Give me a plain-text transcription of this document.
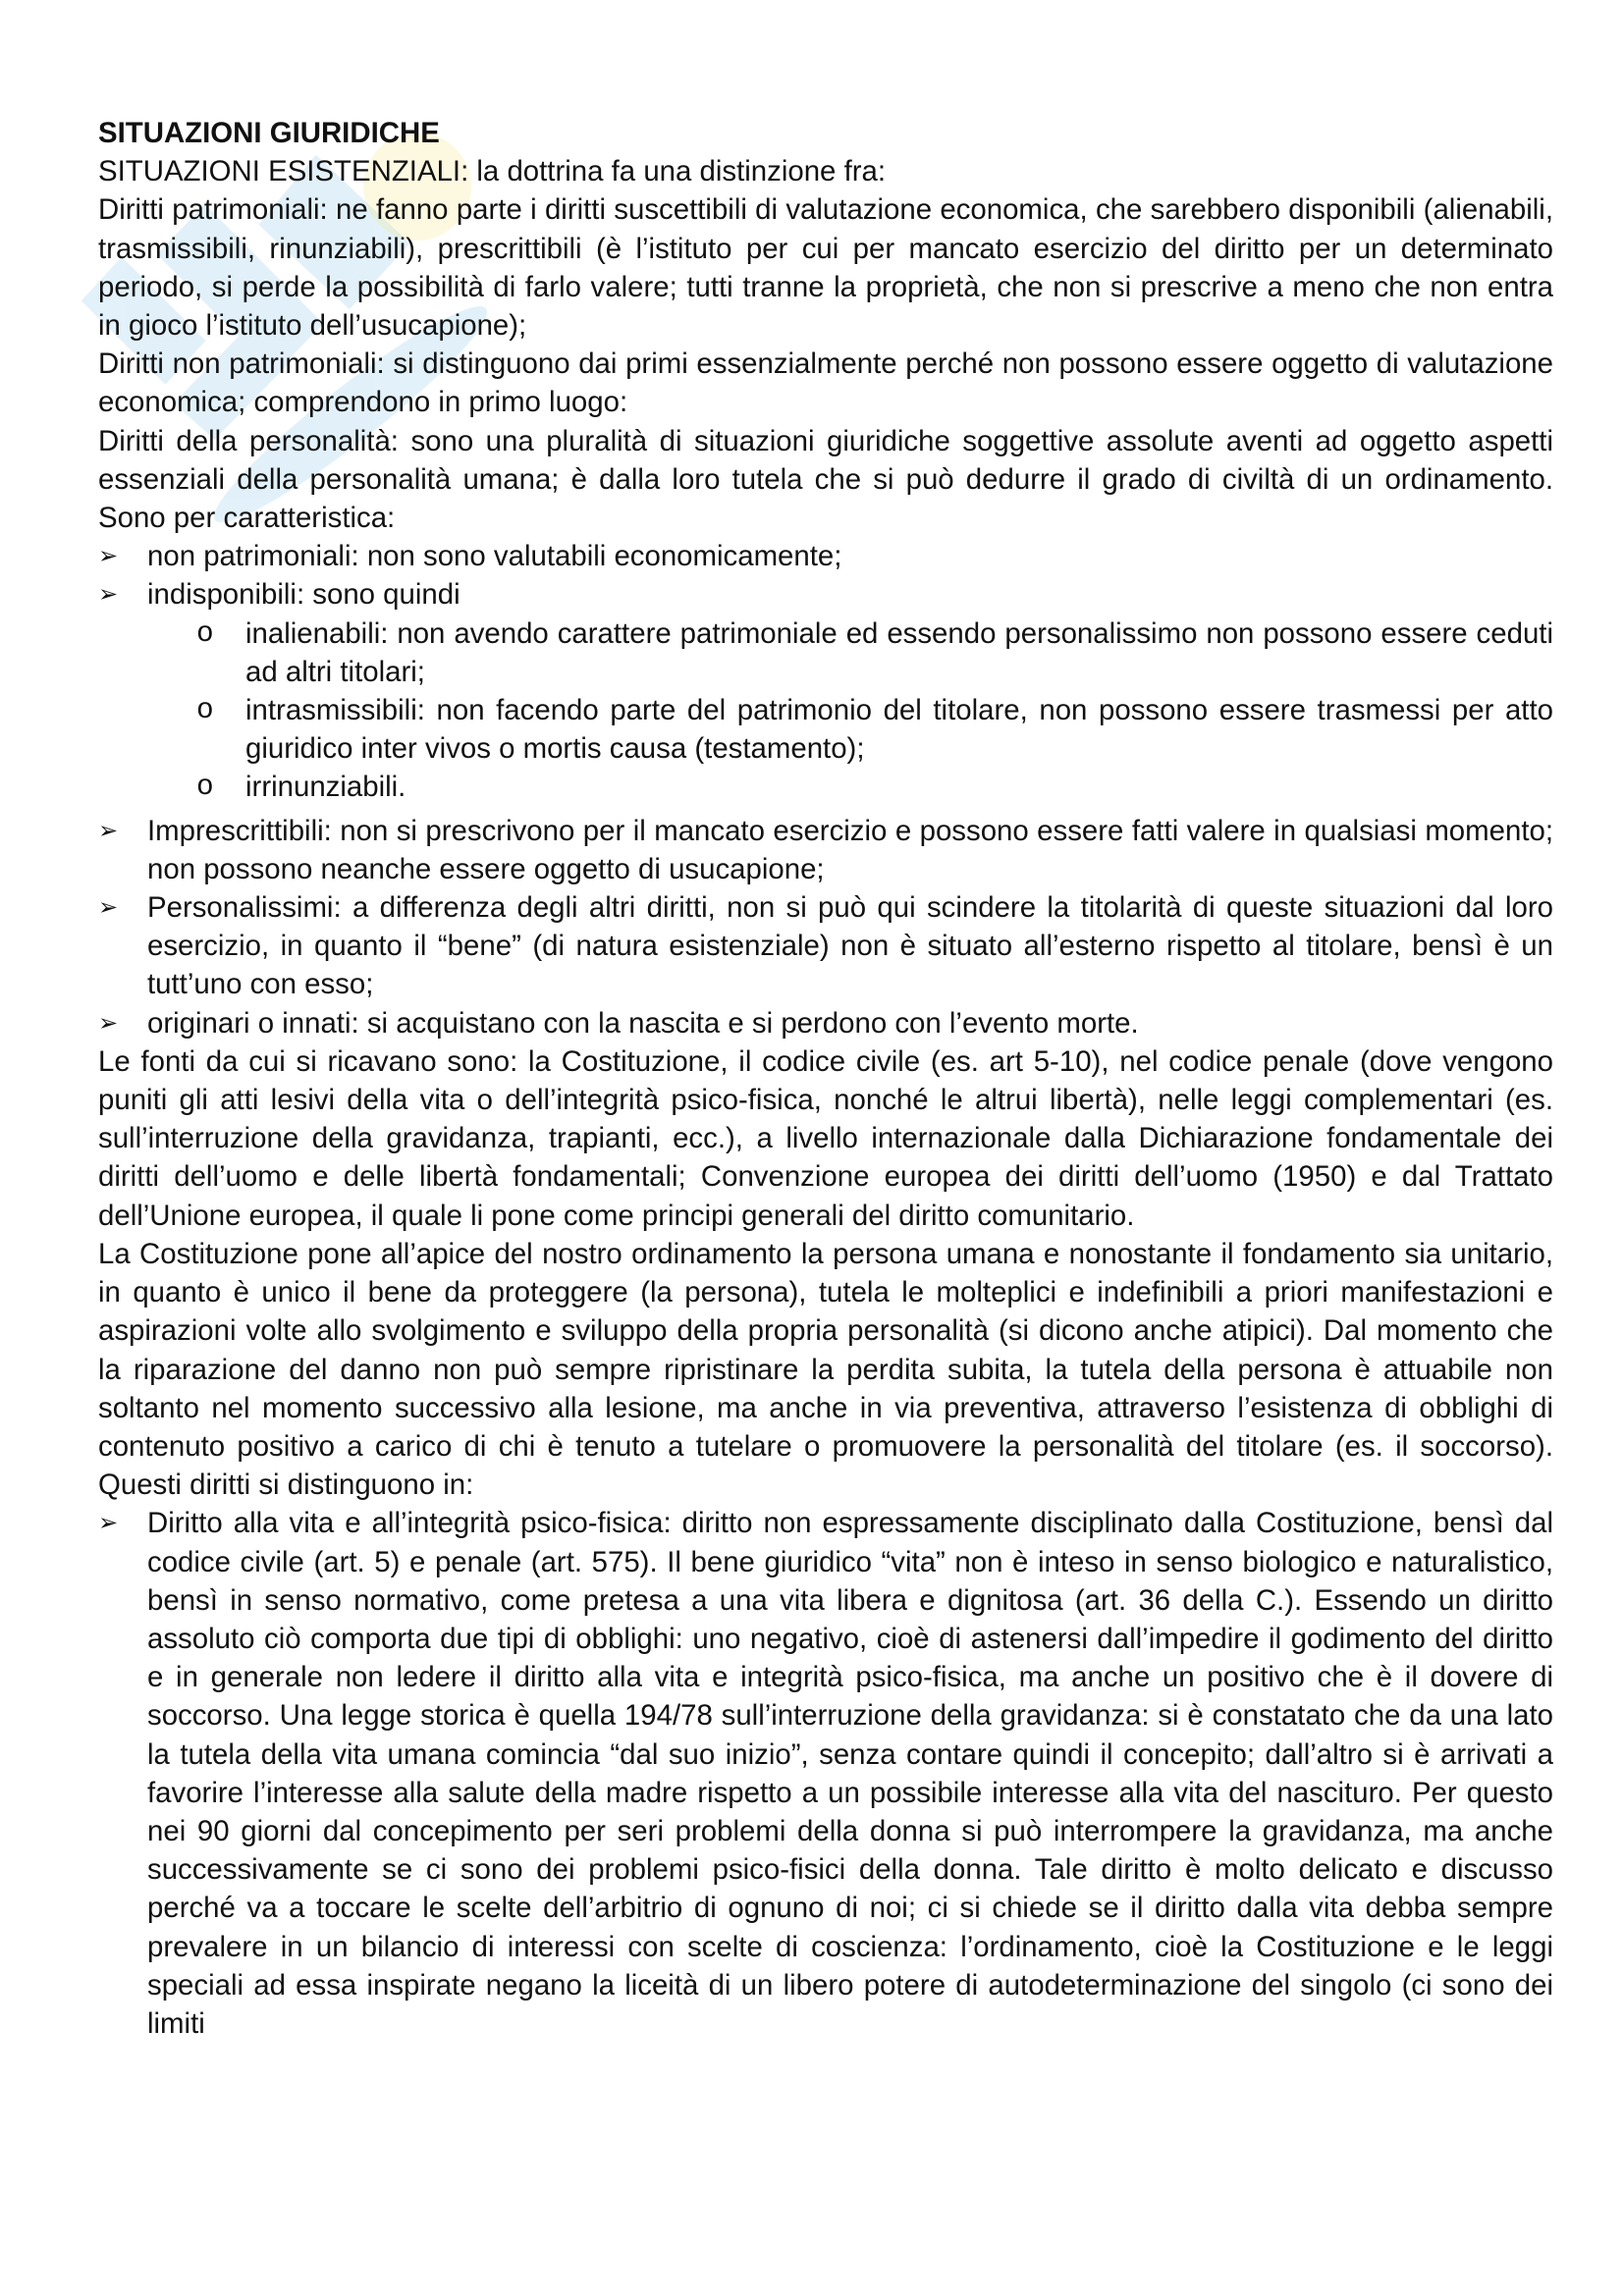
SITUAZIONI GIURIDICHE

SITUAZIONI ESISTENZIALI: la dottrina fa una distinzione fra:

Diritti patrimoniali: ne fanno parte i diritti suscettibili di valutazione economica, che sarebbero disponibili (alienabili, trasmissibili, rinunziabili), prescrittibili (è l’istituto per cui per mancato esercizio del diritto per un determinato periodo, si perde la possibilità di farlo valere; tutti tranne la proprietà, che non si prescrive a meno che non entra in gioco l’istituto dell’usucapione);

Diritti non patrimoniali: si distinguono dai primi essenzialmente perché non possono essere oggetto di valutazione economica; comprendono in primo luogo:

Diritti della personalità: sono una pluralità di situazioni giuridiche soggettive assolute aventi ad oggetto aspetti essenziali della personalità umana; è dalla loro tutela che si può dedurre il grado di civiltà di un ordinamento. Sono per caratteristica:

➢ non patrimoniali: non sono valutabili economicamente;
➢ indisponibili: sono quindi
o inalienabili: non avendo carattere patrimoniale ed essendo personalissimo non possono essere ceduti ad altri titolari;
o intrasmissibili: non facendo parte del patrimonio del titolare, non possono essere trasmessi per atto giuridico inter vivos o mortis causa (testamento);
o irrinunziabili.
➢ Imprescrittibili: non si prescrivono per il mancato esercizio e possono essere fatti valere in qualsiasi momento; non possono neanche essere oggetto di usucapione;
➢ Personalissimi: a differenza degli altri diritti, non si può qui scindere la titolarità di queste situazioni dal loro esercizio, in quanto il “bene” (di natura esistenziale) non è situato all’esterno rispetto al titolare, bensì è un tutt’uno con esso;
➢ originari o innati: si acquistano con la nascita e si perdono con l’evento morte.

Le fonti da cui si ricavano sono: la Costituzione, il codice civile (es. art 5-10), nel codice penale (dove vengono puniti gli atti lesivi della vita o dell’integrità psico-fisica, nonché le altrui libertà), nelle leggi complementari (es. sull’interruzione della gravidanza, trapianti, ecc.), a livello internazionale dalla Dichiarazione fondamentale dei diritti dell’uomo e delle libertà fondamentali; Convenzione europea dei diritti dell’uomo (1950) e dal Trattato dell’Unione europea, il quale li pone come principi generali del diritto comunitario.

La Costituzione pone all’apice del nostro ordinamento la persona umana e nonostante il fondamento sia unitario, in quanto è unico il bene da proteggere (la persona), tutela le molteplici e indefinibili a priori manifestazioni e aspirazioni volte allo svolgimento e sviluppo della propria personalità (si dicono anche atipici). Dal momento che la riparazione del danno non può sempre ripristinare la perdita subita, la tutela della persona è attuabile non soltanto nel momento successivo alla lesione, ma anche in via preventiva, attraverso l’esistenza di obblighi di contenuto positivo a carico di chi è tenuto a tutelare o promuovere la personalità del titolare (es. il soccorso). Questi diritti si distinguono in:

➢ Diritto alla vita e all’integrità psico-fisica: diritto non espressamente disciplinato dalla Costituzione, bensì dal codice civile (art. 5) e penale (art. 575). Il bene giuridico “vita” non è inteso in senso biologico e naturalistico, bensì in senso normativo, come pretesa a una vita libera e dignitosa (art. 36 della C.). Essendo un diritto assoluto ciò comporta due tipi di obblighi: uno negativo, cioè di astenersi dall’impedire il godimento del diritto e in generale non ledere il diritto alla vita e integrità psico-fisica, ma anche un positivo che è il dovere di soccorso. Una legge storica è quella 194/78 sull’interruzione della gravidanza: si è constatato che da una lato la tutela della vita umana comincia “dal suo inizio”, senza contare quindi il concepito; dall’altro si è arrivati a favorire l’interesse alla salute della madre rispetto a un possibile interesse alla vita del nascituro. Per questo nei 90 giorni dal concepimento per seri problemi della donna si può interrompere la gravidanza, ma anche successivamente se ci sono dei problemi psico-fisici della donna. Tale diritto è molto delicato e discusso perché va a toccare le scelte dell’arbitrio di ognuno di noi; ci si chiede se il diritto dalla vita debba sempre prevalere in un bilancio di interessi con scelte di coscienza: l’ordinamento, cioè la Costituzione e le leggi speciali ad essa inspirate negano la liceità di un libero potere di autodeterminazione del singolo (ci sono dei limiti
